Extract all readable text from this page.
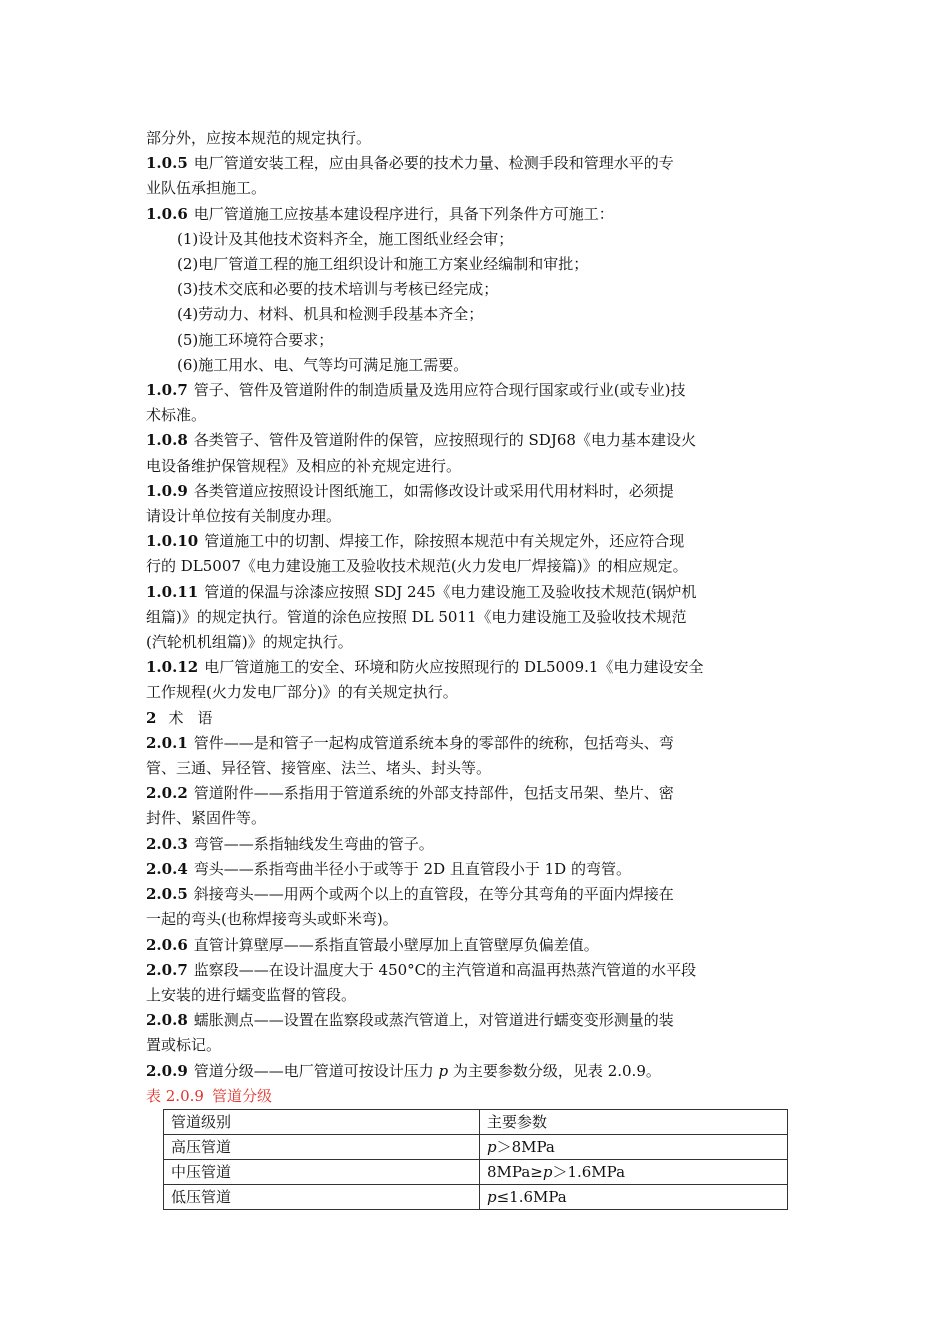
部分外，应按本规范的规定执行。

1.0.5 电厂管道安装工程，应由具备必要的技术力量、检测手段和管理水平的专

业队伍承担施工。

1.0.6 电厂管道施工应按基本建设程序进行，具备下列条件方可施工：

(1)设计及其他技术资料齐全，施工图纸业经会审；

(2)电厂管道工程的施工组织设计和施工方案业经编制和审批；

(3)技术交底和必要的技术培训与考核已经完成；

(4)劳动力、材料、机具和检测手段基本齐全；

(5)施工环境符合要求；

(6)施工用水、电、气等均可满足施工需要。

1.0.7 管子、管件及管道附件的制造质量及选用应符合现行国家或行业(或专业)技

术标准。

1.0.8 各类管子、管件及管道附件的保管，应按照现行的 SDJ68《电力基本建设火

电设备维护保管规程》及相应的补充规定进行。

1.0.9 各类管道应按照设计图纸施工，如需修改设计或采用代用材料时，必须提

请设计单位按有关制度办理。

1.0.10 管道施工中的切割、焊接工作，除按照本规范中有关规定外，还应符合现

行的 DL5007《电力建设施工及验收技术规范(火力发电厂焊接篇)》的相应规定。

1.0.11 管道的保温与涂漆应按照 SDJ 245《电力建设施工及验收技术规范(锅炉机

组篇)》的规定执行。管道的涂色应按照 DL 5011《电力建设施工及验收技术规范

(汽轮机机组篇)》的规定执行。

1.0.12 电厂管道施工的安全、环境和防火应按照现行的 DL5009.1《电力建设安全

工作规程(火力发电厂部分)》的有关规定执行。

2 术语

2.0.1 管件——是和管子一起构成管道系统本身的零部件的统称，包括弯头、弯

管、三通、异径管、接管座、法兰、堵头、封头等。

2.0.2 管道附件——系指用于管道系统的外部支持部件，包括支吊架、垫片、密

封件、紧固件等。

2.0.3 弯管——系指轴线发生弯曲的管子。

2.0.4 弯头——系指弯曲半径小于或等于 2D 且直管段小于 1D 的弯管。

2.0.5 斜接弯头——用两个或两个以上的直管段，在等分其弯角的平面内焊接在

一起的弯头(也称焊接弯头或虾米弯)。

2.0.6 直管计算壁厚——系指直管最小壁厚加上直管壁厚负偏差值。

2.0.7 监察段——在设计温度大于 450°C的主汽管道和高温再热蒸汽管道的水平段

上安装的进行蠕变监督的管段。

2.0.8 蠕胀测点——设置在监察段或蒸汽管道上，对管道进行蠕变变形测量的装

置或标记。

2.0.9 管道分级——电厂管道可按设计压力 p 为主要参数分级，见表 2.0.9。

表 2.0.9 管道分级

管道级别	主要参数
高压管道	p＞8MPa
中压管道	8MPa≥p＞1.6MPa
低压管道	p≤1.6MPa
